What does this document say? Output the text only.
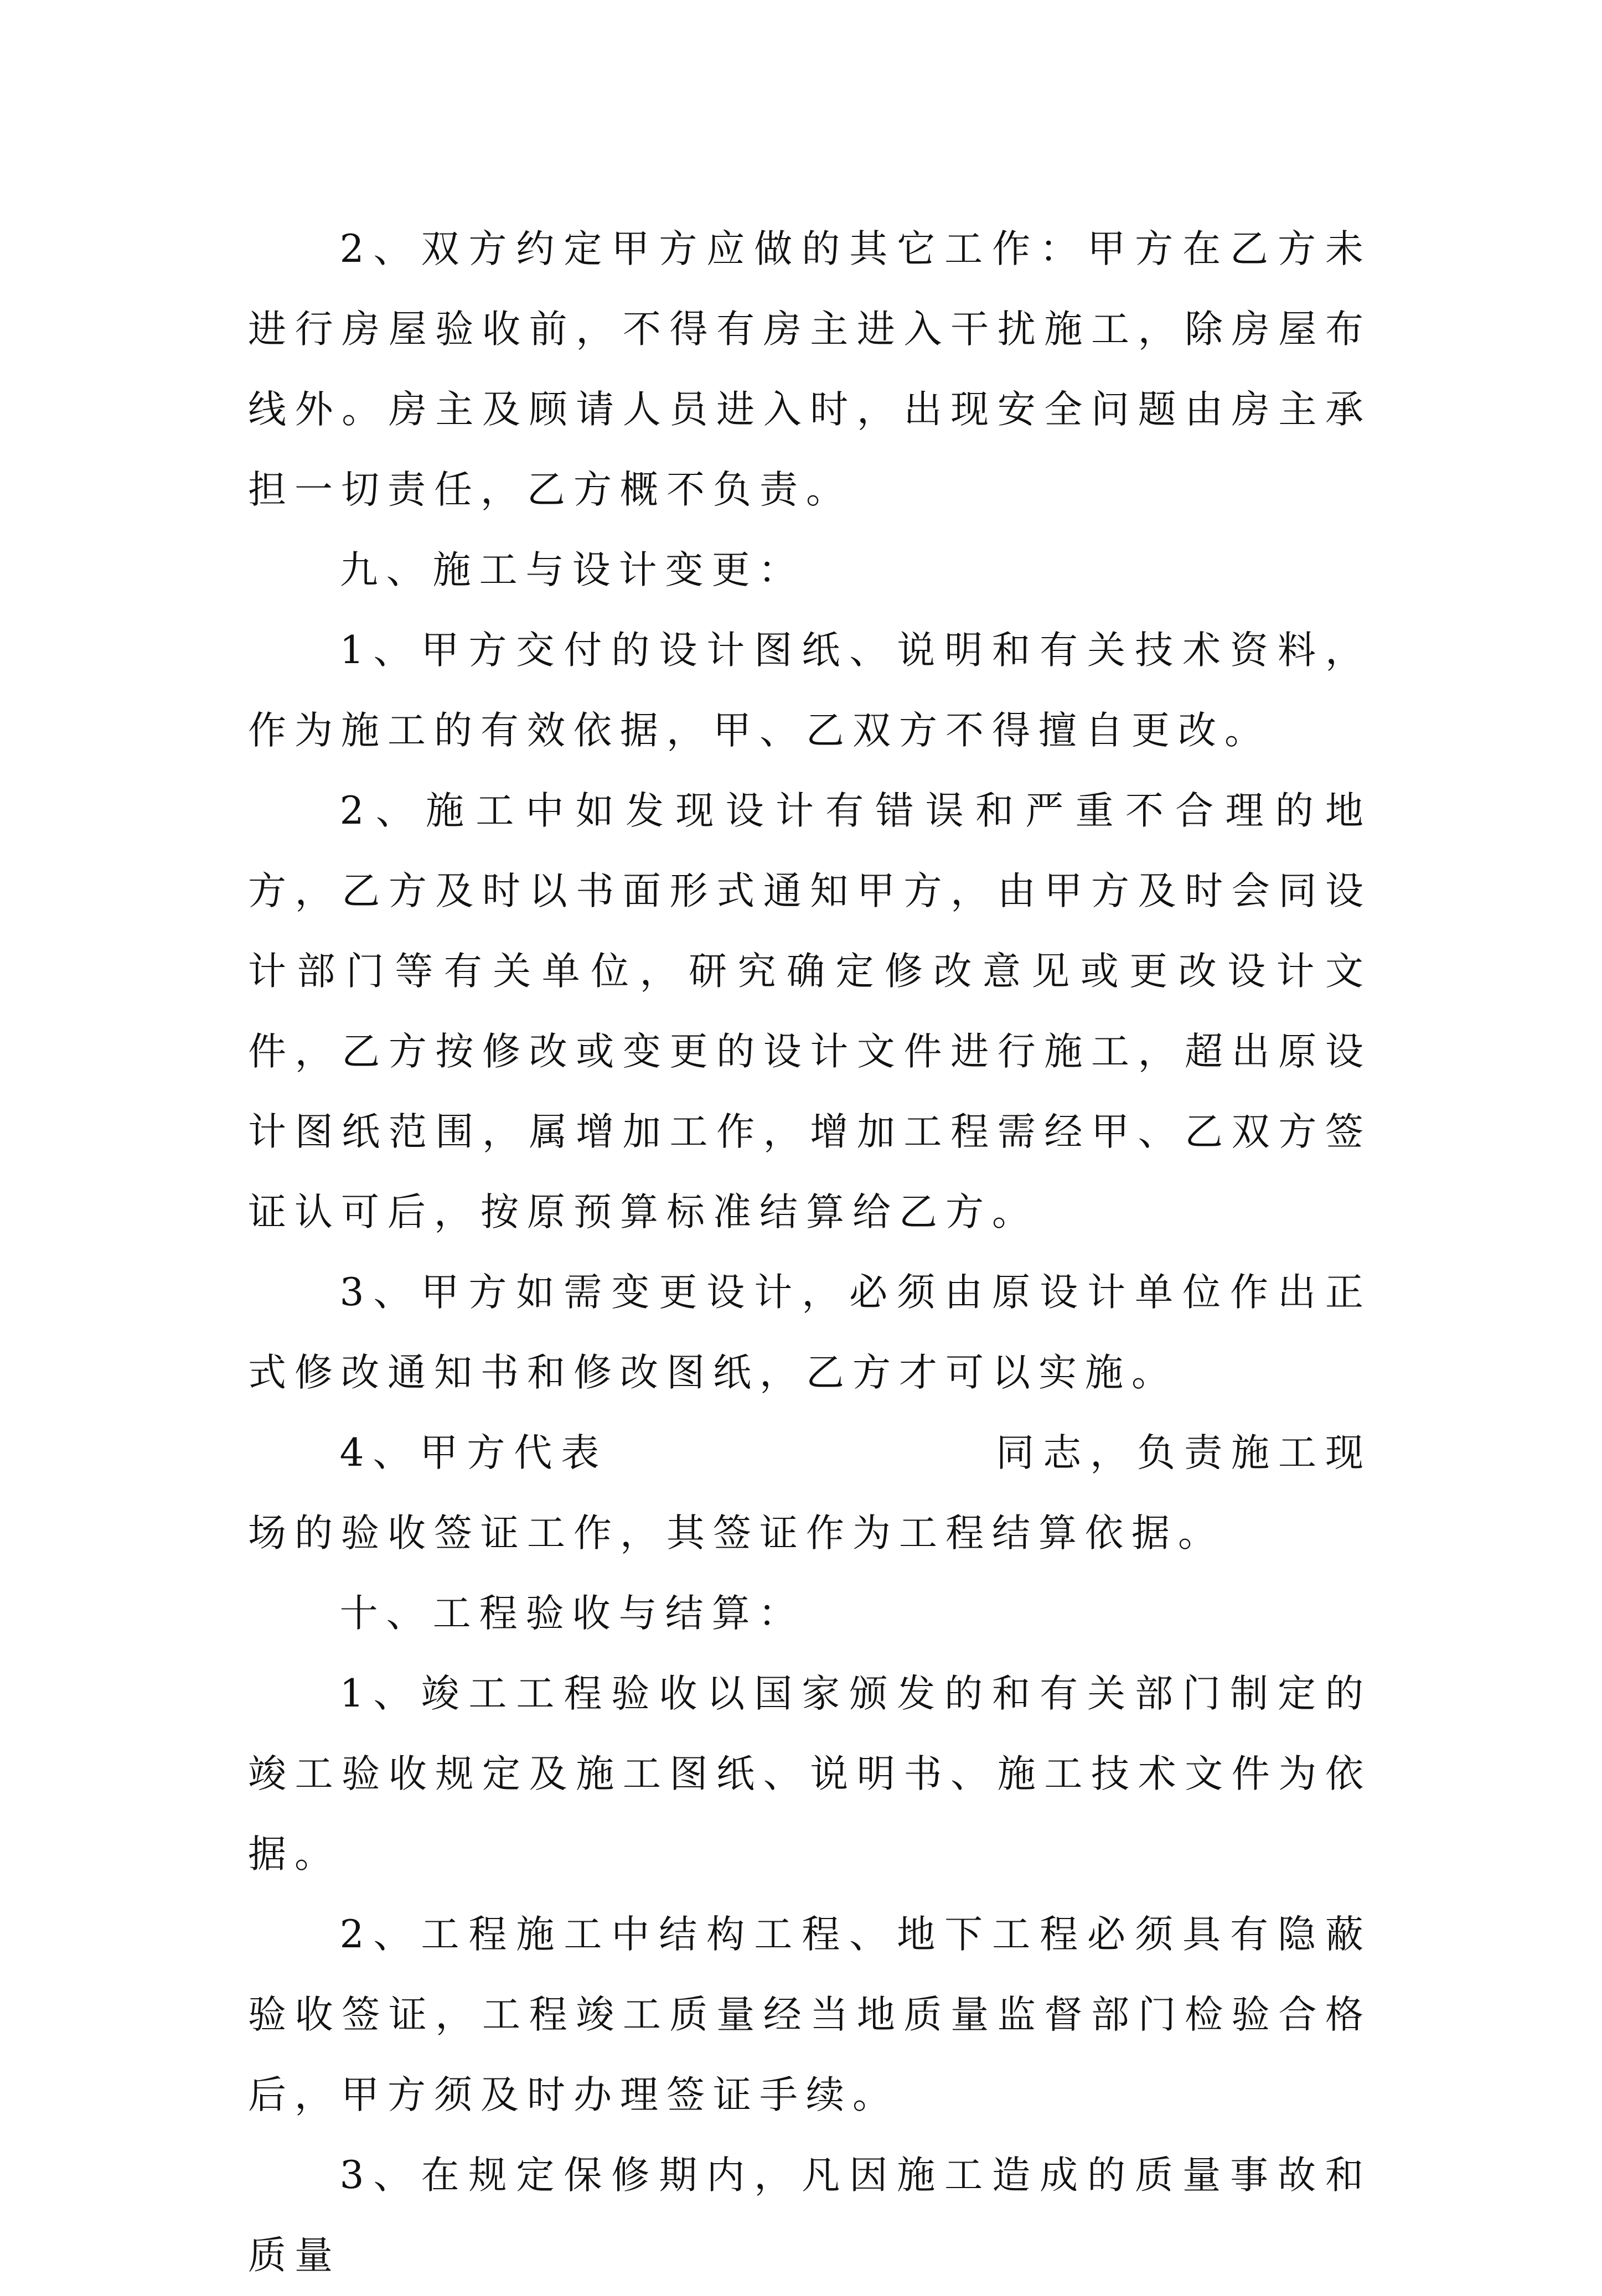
2、双方约定甲方应做的其它工作：甲方在乙方未进行房屋验收前，不得有房主进入干扰施工，除房屋布线外。房主及顾请人员进入时，出现安全问题由房主承担一切责任，乙方概不负责。

九、施工与设计变更：

1、甲方交付的设计图纸、说明和有关技术资料，作为施工的有效依据，甲、乙双方不得擅自更改。

2、施工中如发现设计有错误和严重不合理的地方，乙方及时以书面形式通知甲方，由甲方及时会同设计部门等有关单位，研究确定修改意见或更改设计文件，乙方按修改或变更的设计文件进行施工，超出原设计图纸范围，属增加工作，增加工程需经甲、乙双方签证认可后，按原预算标准结算给乙方。

3、甲方如需变更设计，必须由原设计单位作出正式修改通知书和修改图纸，乙方才可以实施。

4、甲方代表	同志，负责施工现场的验收签证工作，其签证作为工程结算依据。

十、工程验收与结算：

1、竣工工程验收以国家颁发的和有关部门制定的竣工验收规定及施工图纸、说明书、施工技术文件为依据。

2、工程施工中结构工程、地下工程必须具有隐蔽验收签证，工程竣工质量经当地质量监督部门检验合格后，甲方须及时办理签证手续。

3、在规定保修期内，凡因施工造成的质量事故和质量
